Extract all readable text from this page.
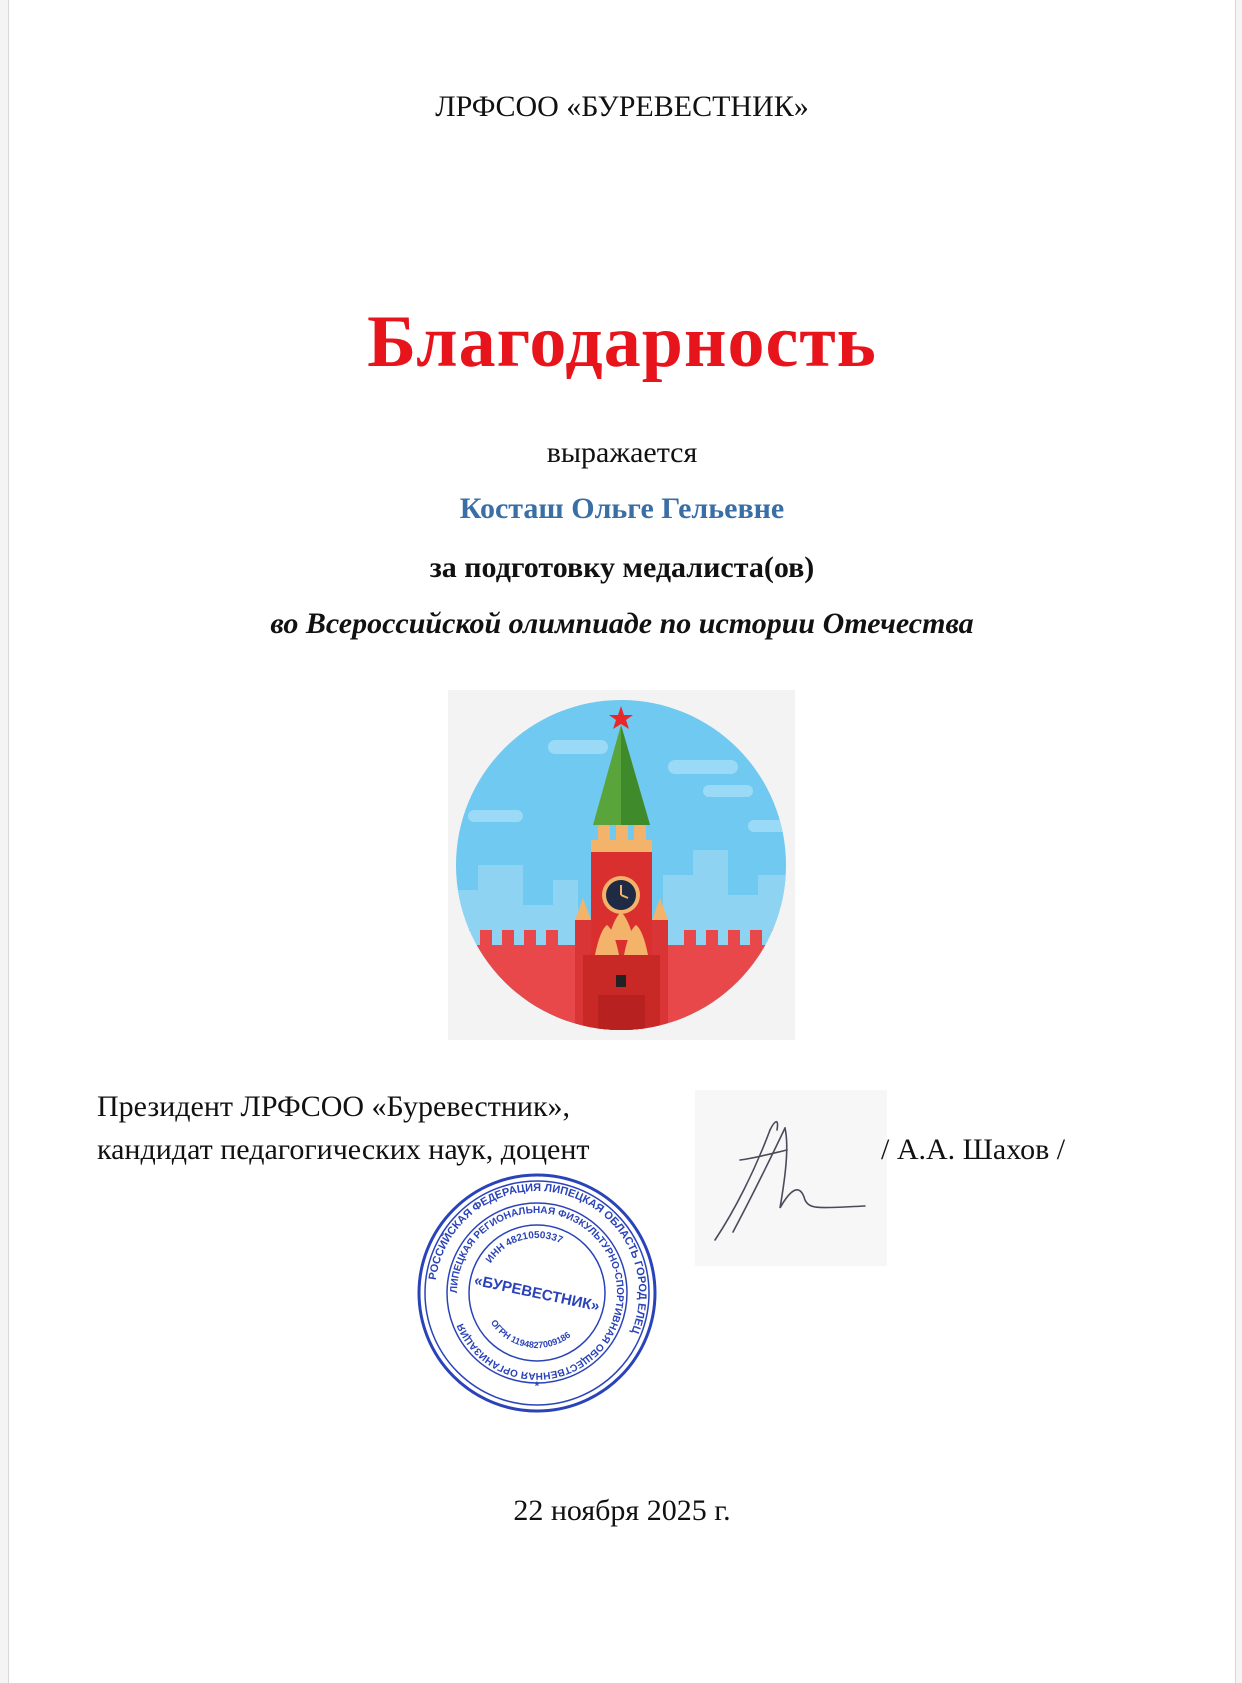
ЛРФСОО «БУРЕВЕСТНИК»
Благодарность
выражается
Косташ Ольге Гельевне
за подготовку медалиста(ов)
во Всероссийской олимпиаде по истории Отечества
Президент ЛРФСОО «Буревестник»,
кандидат педагогических наук, доцент	/ А.А. Шахов /
РОССИЙСКАЯ ФЕДЕРАЦИЯ ЛИПЕЦКАЯ ОБЛАСТЬ ГОРОД ЕЛЕЦ
ЛИПЕЦКАЯ РЕГИОНАЛЬНАЯ ФИЗКУЛЬТУРНО-СПОРТИВНАЯ ОБЩЕСТВЕННАЯ ОРГАНИЗАЦИЯ
ИНН 4821050337
ОГРН 1194827009186
«БУРЕВЕСТНИК»
*
22 ноября 2025 г.
